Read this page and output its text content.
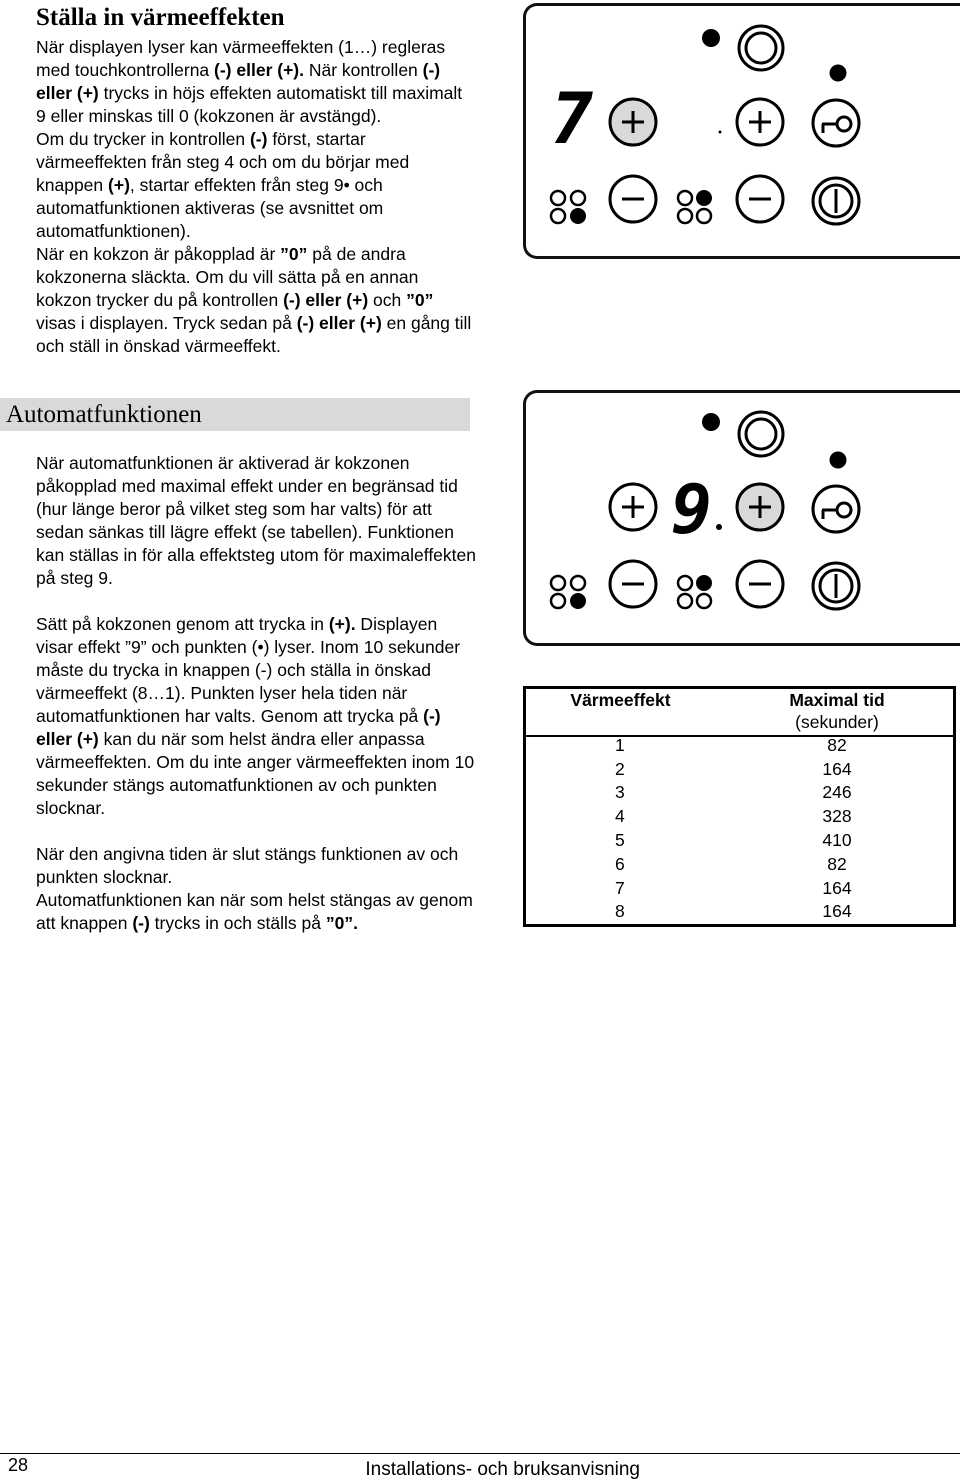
Ställa in värmeeffekten

När displayen lyser kan värmeeffekten (1…) regleras med touchkontrollerna (-) eller (+). När kontrollen (-) eller (+) trycks in höjs effekten automatiskt till maximalt 9 eller minskas till 0 (kokzonen är avstängd).

Om du trycker in kontrollen (-) först, startar värmeeffekten från steg 4 och om du börjar med knappen (+), startar effekten från steg 9• och automatfunktionen aktiveras (se avsnittet om automatfunktionen).

När en kokzon är påkopplad är ”0” på de andra kokzonerna släckta. Om du vill sätta på en annan kokzon trycker du på kontrollen (-) eller (+) och ”0” visas i displayen. Tryck sedan på (-) eller (+) en gång till och ställ in önskad värmeeffekt.

Automatfunktionen

När automatfunktionen är aktiverad är kokzonen påkopplad med maximal effekt under en begränsad tid (hur länge beror på vilket steg som har valts) för att sedan sänkas till lägre effekt (se tabellen). Funktionen kan ställas in för alla effektsteg utom för maximaleffekten på steg 9.

Sätt på kokzonen genom att trycka in (+). Displayen visar effekt ”9” och punkten (•) lyser. Inom 10 sekunder måste du trycka in knappen (-) och ställa in önskad värmeeffekt (8…1). Punkten lyser hela tiden när automatfunktionen har valts. Genom att trycka på (-) eller (+) kan du när som helst ändra eller anpassa värmeeffekten. Om du inte anger värmeeffekten inom 10 sekunder stängs automatfunktionen av och punkten slocknar.

När den angivna tiden är slut stängs funktionen av och punkten slocknar.

Automatfunktionen kan när som helst stängas av genom att knappen (-) trycks in och ställs på ”0”.

7
9
Värmeeffekt	Maximal tid
(sekunder)

1	82
2	164
3	246
4	328
5	410
6	82
7	164
8	164
28	Installations- och bruksanvisning
